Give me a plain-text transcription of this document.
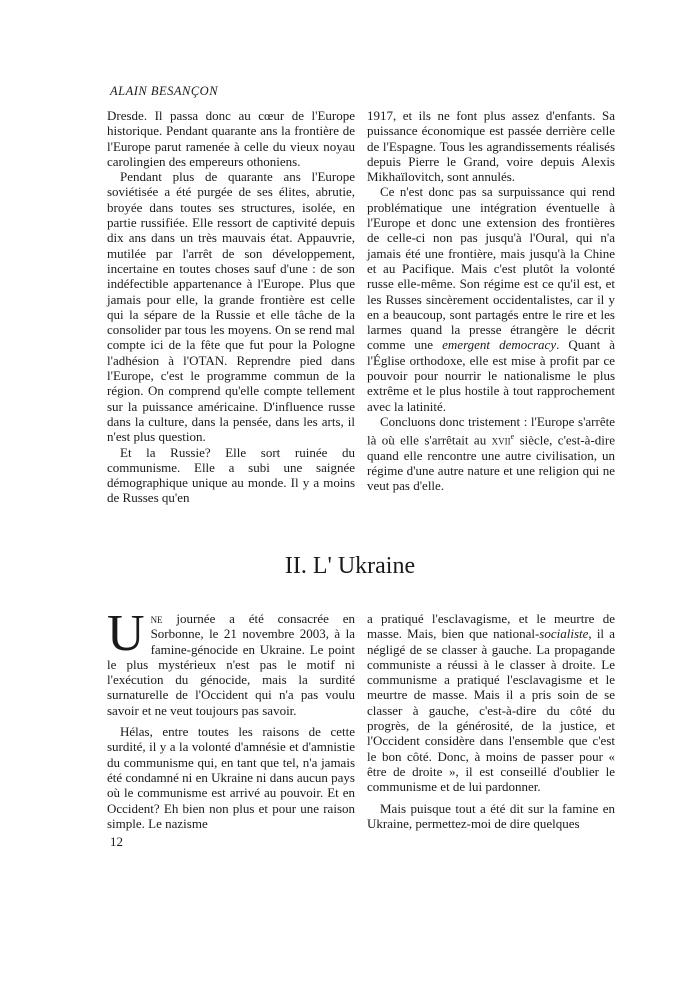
ALAIN BESANÇON

Dresde. Il passa donc au cœur de l'Europe historique. Pendant quarante ans la frontière de l'Europe parut ramenée à celle du vieux noyau carolingien des empereurs othoniens.

Pendant plus de quarante ans l'Europe soviétisée a été purgée de ses élites, abrutie, broyée dans toutes ses structures, isolée, en partie russifiée. Elle ressort de captivité depuis dix ans dans un très mauvais état. Appauvrie, mutilée par l'arrêt de son développement, incertaine en toutes choses sauf d'une : de son indéfectible appartenance à l'Europe. Plus que jamais pour elle, la grande frontière est celle qui la sépare de la Russie et elle tâche de la consolider par tous les moyens. On se rend mal compte ici de la fête que fut pour la Pologne l'adhésion à l'OTAN. Reprendre pied dans l'Europe, c'est le programme commun de la région. On comprend qu'elle compte tellement sur la puissance américaine. D'influence russe dans la culture, dans la pensée, dans les arts, il n'est plus question.

Et la Russie? Elle sort ruinée du communisme. Elle a subi une saignée démographique unique au monde. Il y a moins de Russes qu'en

1917, et ils ne font plus assez d'enfants. Sa puissance économique est passée derrière celle de l'Espagne. Tous les agrandissements réalisés depuis Pierre le Grand, voire depuis Alexis Mikhaïlovitch, sont annulés.

Ce n'est donc pas sa surpuissance qui rend problématique une intégration éventuelle à l'Europe et donc une extension des frontières de celle-ci non pas jusqu'à l'Oural, qui n'a jamais été une frontière, mais jusqu'à la Chine et au Pacifique. Mais c'est plutôt la volonté russe elle-même. Son régime est ce qu'il est, et les Russes sincèrement occidentalistes, car il y en a beaucoup, sont partagés entre le rire et les larmes quand la presse étrangère le décrit comme une emergent democracy. Quant à l'Église orthodoxe, elle est mise à profit par ce pouvoir pour nourrir le nationalisme le plus extrême et le plus hostile à tout rapprochement avec la latinité.

Concluons donc tristement : l'Europe s'arrête là où elle s'arrêtait au xvii$^e$ siècle, c'est-à-dire quand elle rencontre une autre civilisation, un régime d'une autre nature et une religion qui ne veut pas d'elle.

II. L' Ukraine

Une journée a été consacrée en Sorbonne, le 21 novembre 2003, à la famine-génocide en Ukraine. Le point le plus mystérieux n'est pas le motif ni l'exécution du génocide, mais la surdité surnaturelle de l'Occident qui n'a pas voulu savoir et ne veut toujours pas savoir.

Hélas, entre toutes les raisons de cette surdité, il y a la volonté d'amnésie et d'amnistie du communisme qui, en tant que tel, n'a jamais été condamné ni en Ukraine ni dans aucun pays où le communisme est arrivé au pouvoir. Et en Occident? Eh bien non plus et pour une raison simple. Le nazisme

a pratiqué l'esclavagisme, et le meurtre de masse. Mais, bien que national-socialiste, il a négligé de se classer à gauche. La propagande communiste a réussi à le classer à droite. Le communisme a pratiqué l'esclavagisme et le meurtre de masse. Mais il a pris soin de se classer à gauche, c'est-à-dire du côté du progrès, de la générosité, de la justice, et l'Occident considère dans l'ensemble que c'est le bon côté. Donc, à moins de passer pour « être de droite », il est conseillé d'oublier le communisme et de lui pardonner.

Mais puisque tout a été dit sur la famine en Ukraine, permettez-moi de dire quelques

12
